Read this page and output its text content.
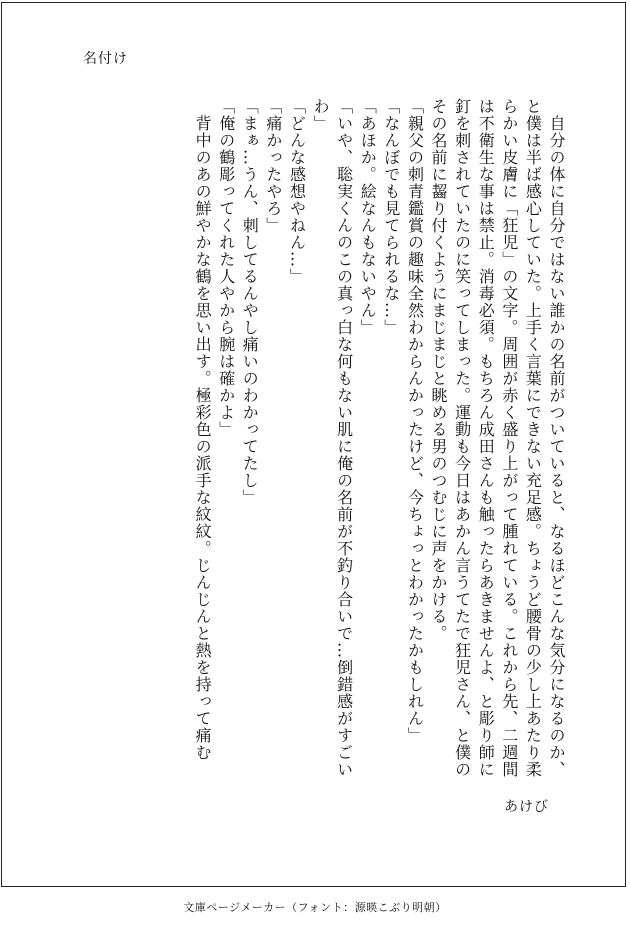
名付け

　自分の体に自分ではない誰かの名前がついていると、なるほどこんな気分になるのか、と僕は半ば感心していた。上手く言葉にできない充足感。ちょうど腰骨の少し上あたり柔らかい皮膚に「狂児」の文字。周囲が赤く盛り上がって腫れている。これから先、二週間は不衛生な事は禁止。消毒必須。もちろん成田さんも触ったらあきませんよ、と彫り師に釘を刺されていたのに笑ってしまった。運動も今日はあかん言うてたで狂児さん、と僕のその名前に齧り付くようにまじまじと眺める男のつむじに声をかける。

「親父の刺青鑑賞の趣味全然わからんかったけど、今ちょっとわかったかもしれん」

「なんぼでも見てられるな…」

「あほか。絵なんもないやん」

「いや、聡実くんのこの真っ白な何もない肌に俺の名前が不釣り合いで…倒錯感がすごいわ」

「どんな感想やねん…」

「痛かったやろ」

「まぁ…うん、刺してるんやし痛いのわかってたし」

「俺の鶴彫ってくれた人やから腕は確かよ」

　背中のあの鮮やかな鶴を思い出す。極彩色の派手な紋紋。じんじんと熱を持って痛む

あけび
文庫ページメーカー（フォント：源暎こぶり明朝）
